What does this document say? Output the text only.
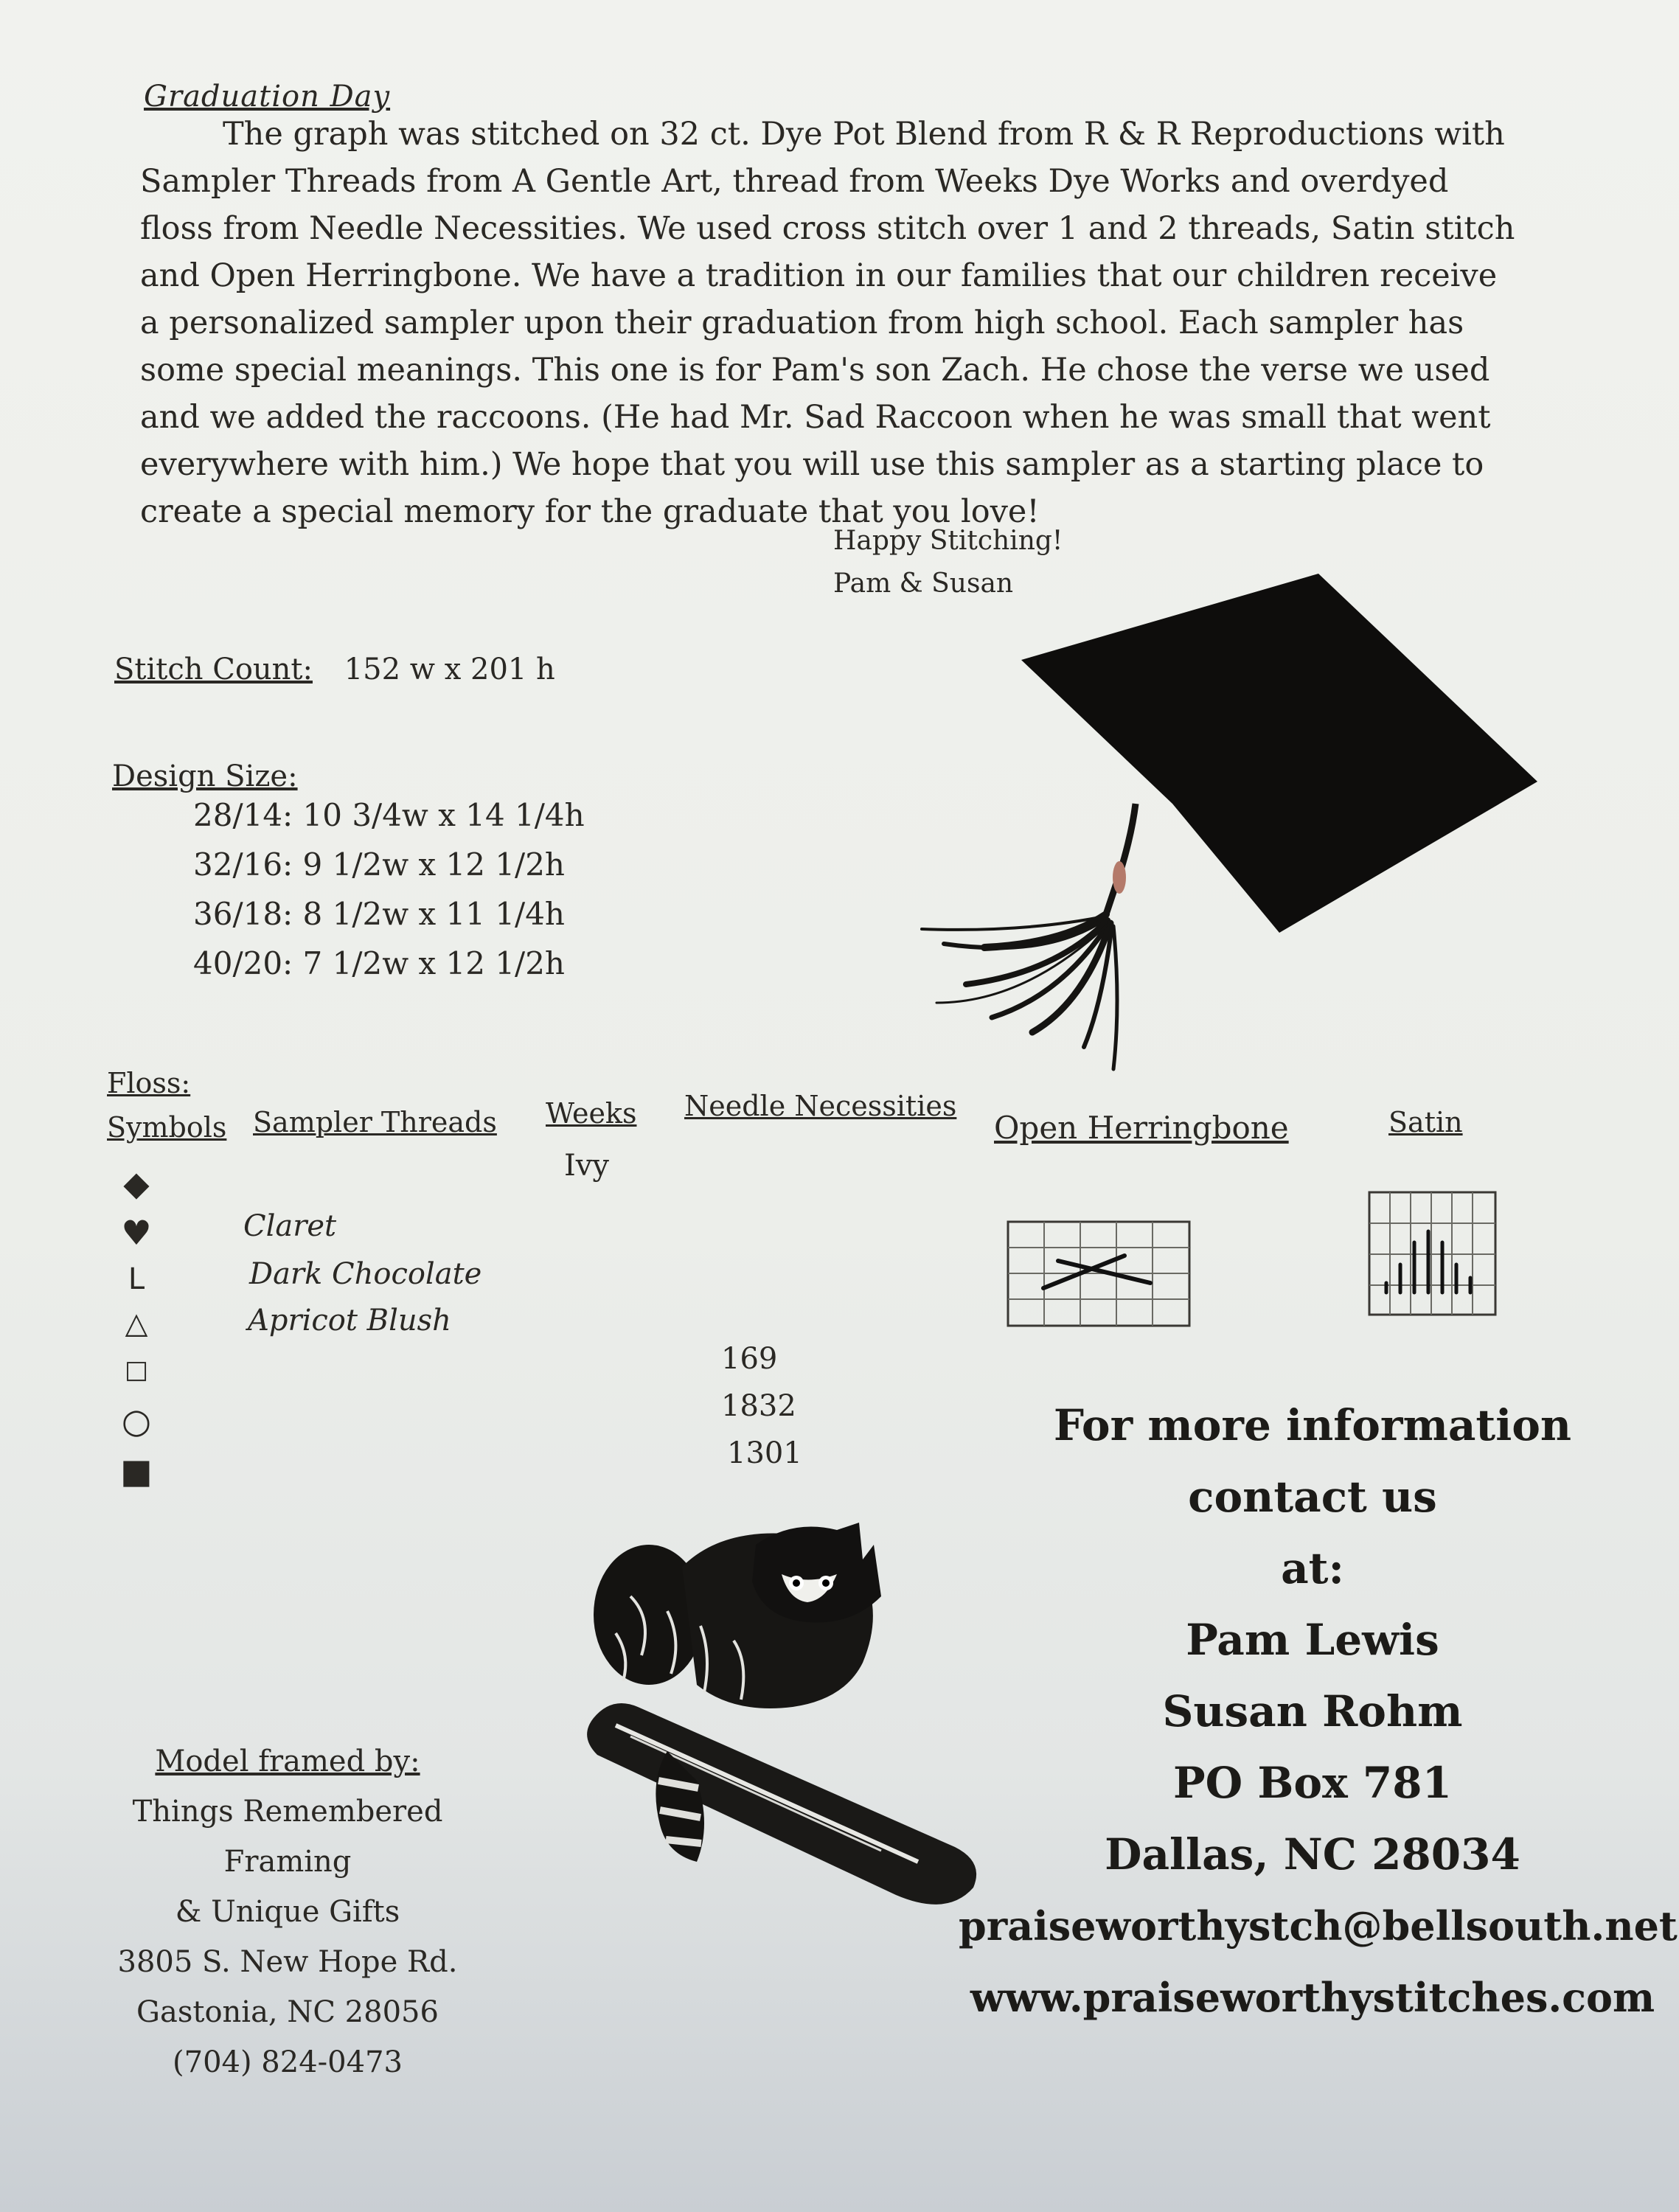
Graduation Day

The graph was stitched on 32 ct. Dye Pot Blend from R & R Reproductions with Sampler Threads from A Gentle Art, thread from Weeks Dye Works and overdyed floss from Needle Necessities. We used cross stitch over 1 and 2 threads, Satin stitch and Open Herringbone. We have a tradition in our families that our children receive a personalized sampler upon their graduation from high school. Each sampler has some special meanings. This one is for Pam's son Zach. He chose the verse we used and we added the raccoons. (He had Mr. Sad Raccoon when he was small that went everywhere with him.) We hope that you will use this sampler as a starting place to create a special memory for the graduate that you love!

Happy Stitching!
Pam & Susan
Stitch Count: 152 w x 201 h
Design Size:
28/14: 10 3/4w x 14 1/4h
32/16: 9 1/2w x 12 1/2h
36/18: 8 1/2w x 11 1/4h
40/20: 7 1/2w x 12 1/2h
Floss:
Symbols Sampler Threads Weeks Needle Necessities
Open Herringbone	Satin
◆
♥
L
△
□
○
■
Ivy
Claret
Dark Chocolate
Apricot Blush
169
1832
1301
For more information
contact us
at:
Pam Lewis
Susan Rohm
PO Box 781
Dallas, NC 28034
praiseworthystch@bellsouth.net
www.praiseworthystitches.com
Model framed by:
Things Remembered Framing
& Unique Gifts
3805 S. New Hope Rd.
Gastonia, NC 28056
(704) 824-0473
